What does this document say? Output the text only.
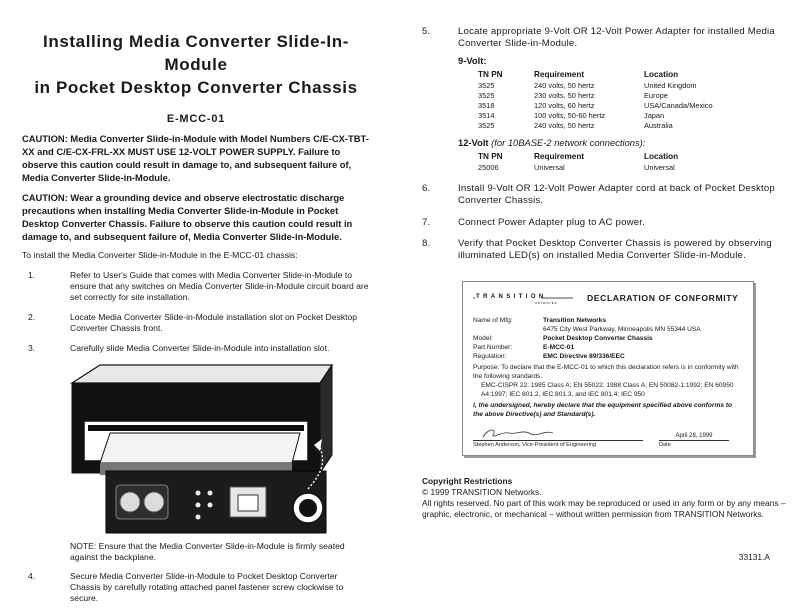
Installing Media Converter Slide-In-Module
in Pocket Desktop Converter Chassis
E-MCC-01
CAUTION: Media Converter Slide-in-Module with Model Numbers C/E-CX-TBT-XX and C/E-CX-FRL-XX MUST USE 12-VOLT POWER SUPPLY. Failure to observe this caution could result in damage to, and subsequent failure of, Media Converter Slide-in-Module.
CAUTION: Wear a grounding device and observe electrostatic discharge precautions when installing Media Converter Slide-in-Module in Pocket Desktop Converter Chassis. Failure to observe this caution could result in damage to, and subsequent failure of, Media Converter Slide-in-Module.
To install the Media Converter Slide-in-Module in the E-MCC-01 chassis:
1.	Refer to User's Guide that comes with Media Converter Slide-in-Module to ensure that any switches on Media Converter Slide-in-Module circuit board are set correctly for site installation.
2.	Locate Media Converter Slide-in-Module installation slot on Pocket Desktop Converter Chassis front.
3.	Carefully slide Media Converter Slide-in-Module into installation slot.
NOTE: Ensure that the Media Converter Slide-in-Module is firmly seated against the backplane.
4.	Secure Media Converter Slide-in-Module to Pocket Desktop Converter Chassis by carefully rotating attached panel fastener screw clockwise to secure.
5.	Locate appropriate 9-Volt OR 12-Volt Power Adapter for installed Media Converter Slide-in-Module.
9-Volt:
TN PN	Requirement	Location
3525	240 volts, 50 hertz	United Kingdom
3525	230 volts, 50 hertz	Europe
3518	120 volts, 60 hertz	USA/Canada/Mexico
3514	100 volts, 50-60 hertz	Japan
3525	240 volts, 50 hertz	Australia
12-Volt (for 10BASE-2 network connections):
TN PN	Requirement	Location
25006	Universal	Universal
6.	Install 9-Volt OR 12-Volt Power Adapter cord at back of Pocket Desktop Converter Chassis.
7.	Connect Power Adapter plug to AC power.
8.	Verify that Pocket Desktop Converter Chassis is powered by observing illuminated LED(s) on installed Media Converter Slide-in-Module.
TRANSITION
networks	DECLARATION OF CONFORMITY
Name of Mfg:	Transition Networks
6475 City West Parkway, Minneapolis MN 55344 USA
Model:	Pocket Desktop Converter Chassis
Part Number:	E-MCC-01
Regulation:	EMC Directive 89/336/EEC
Purpose: To declare that the E-MCC-01 to which this declaration refers is in conformity with the following standards.
EMC-CISPR 22: 1985 Class A; EN 55022: 1988 Class A; EN 50082-1:1992; EN 60950 A4:1997; IEC 801.2, IEC 801.3, and IEC 801.4; IEC 950
I, the undersigned, hereby declare that the equipment specified above conforms to the above Directive(s) and Standard(s).
April 28, 1999
Stephen Anderson, Vice-President of Engineering	Date
Copyright Restrictions
© 1999 TRANSITION Networks.
All rights reserved. No part of this work may be reproduced or used in any form or by any means – graphic, electronic, or mechanical – without written permission from TRANSITION Networks.
33131.A
